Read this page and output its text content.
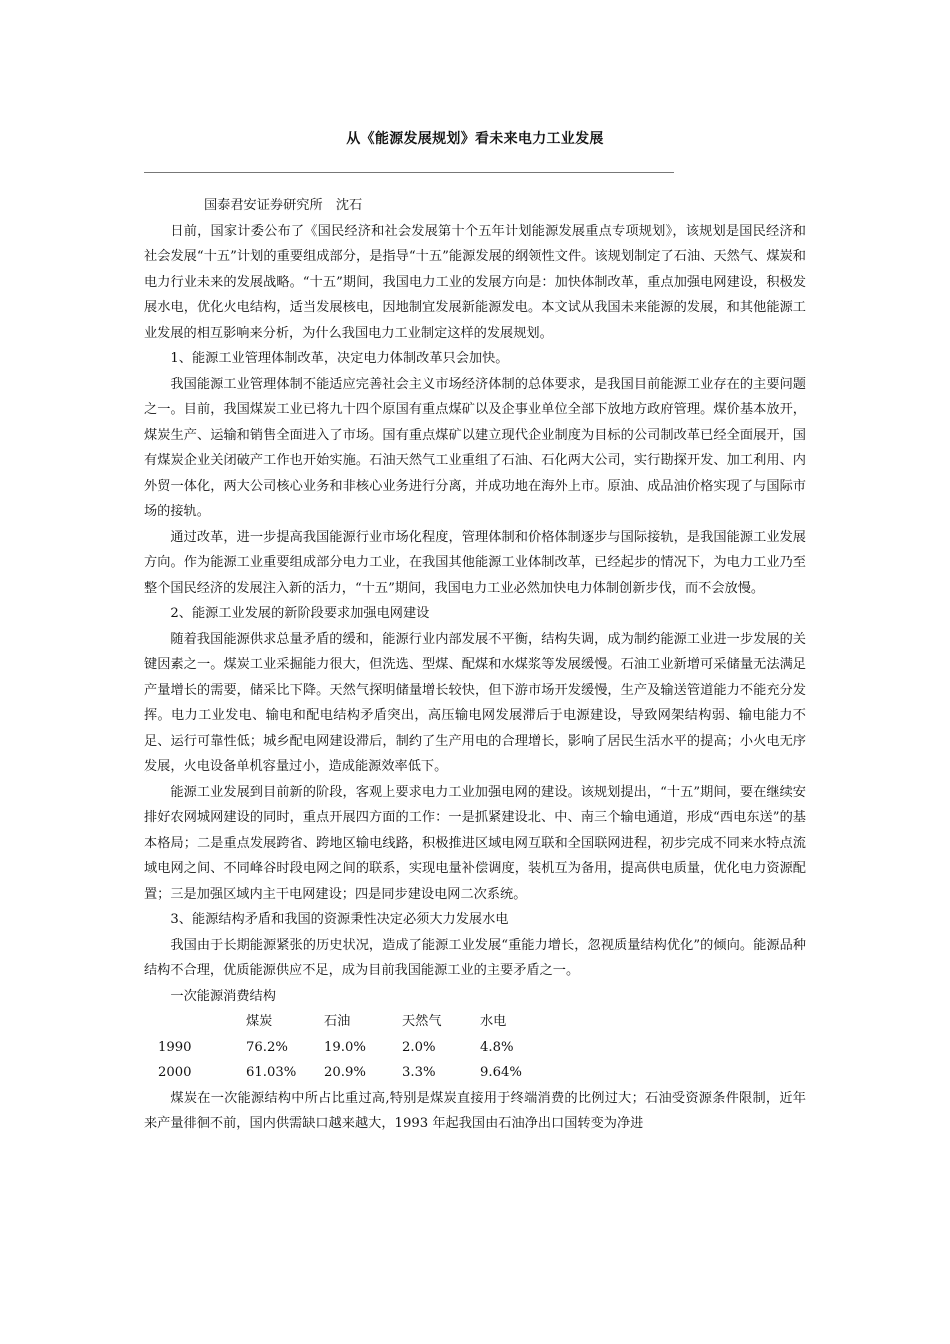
从《能源发展规划》看未来电力工业发展

国泰君安证券研究所　沈石

日前，国家计委公布了《国民经济和社会发展第十个五年计划能源发展重点专项规划》，该规划是国民经济和社会发展“十五”计划的重要组成部分，是指导“十五”能源发展的纲领性文件。该规划制定了石油、天然气、煤炭和电力行业未来的发展战略。“十五”期间，我国电力工业的发展方向是：加快体制改革，重点加强电网建设，积极发展水电，优化火电结构，适当发展核电，因地制宜发展新能源发电。本文试从我国未来能源的发展，和其他能源工业发展的相互影响来分析，为什么我国电力工业制定这样的发展规划。

1、能源工业管理体制改革，决定电力体制改革只会加快。

我国能源工业管理体制不能适应完善社会主义市场经济体制的总体要求，是我国目前能源工业存在的主要问题之一。目前，我国煤炭工业已将九十四个原国有重点煤矿以及企事业单位全部下放地方政府管理。煤价基本放开，煤炭生产、运输和销售全面进入了市场。国有重点煤矿以建立现代企业制度为目标的公司制改革已经全面展开，国有煤炭企业关闭破产工作也开始实施。石油天然气工业重组了石油、石化两大公司，实行勘探开发、加工利用、内外贸一体化，两大公司核心业务和非核心业务进行分离，并成功地在海外上市。原油、成品油价格实现了与国际市场的接轨。

通过改革，进一步提高我国能源行业市场化程度，管理体制和价格体制逐步与国际接轨，是我国能源工业发展方向。作为能源工业重要组成部分电力工业，在我国其他能源工业体制改革，已经起步的情况下，为电力工业乃至整个国民经济的发展注入新的活力，“十五”期间，我国电力工业必然加快电力体制创新步伐，而不会放慢。

2、能源工业发展的新阶段要求加强电网建设

随着我国能源供求总量矛盾的缓和，能源行业内部发展不平衡，结构失调，成为制约能源工业进一步发展的关键因素之一。煤炭工业采掘能力很大，但洗选、型煤、配煤和水煤浆等发展缓慢。石油工业新增可采储量无法满足产量增长的需要，储采比下降。天然气探明储量增长较快，但下游市场开发缓慢，生产及输送管道能力不能充分发挥。电力工业发电、输电和配电结构矛盾突出，高压输电网发展滞后于电源建设，导致网架结构弱、输电能力不足、运行可靠性低；城乡配电网建设滞后，制约了生产用电的合理增长，影响了居民生活水平的提高；小火电无序发展，火电设备单机容量过小，造成能源效率低下。

能源工业发展到目前新的阶段，客观上要求电力工业加强电网的建设。该规划提出，“十五”期间，要在继续安排好农网城网建设的同时，重点开展四方面的工作：一是抓紧建设北、中、南三个输电通道，形成“西电东送”的基本格局；二是重点发展跨省、跨地区输电线路，积极推进区域电网互联和全国联网进程，初步完成不同来水特点流域电网之间、不同峰谷时段电网之间的联系，实现电量补偿调度，装机互为备用，提高供电质量，优化电力资源配置；三是加强区域内主干电网建设；四是同步建设电网二次系统。

3、能源结构矛盾和我国的资源秉性决定必须大力发展水电

我国由于长期能源紧张的历史状况，造成了能源工业发展“重能力增长，忽视质量结构优化”的倾向。能源品种结构不合理，优质能源供应不足，成为目前我国能源工业的主要矛盾之一。

一次能源消费结构

	煤炭	石油	天然气	水电
1990	76.2%	19.0%	2.0%	4.8%
2000	61.03%	20.9%	3.3%	9.64%

煤炭在一次能源结构中所占比重过高,特别是煤炭直接用于终端消费的比例过大；石油受资源条件限制，近年来产量徘徊不前，国内供需缺口越来越大，1993 年起我国由石油净出口国转变为净进
